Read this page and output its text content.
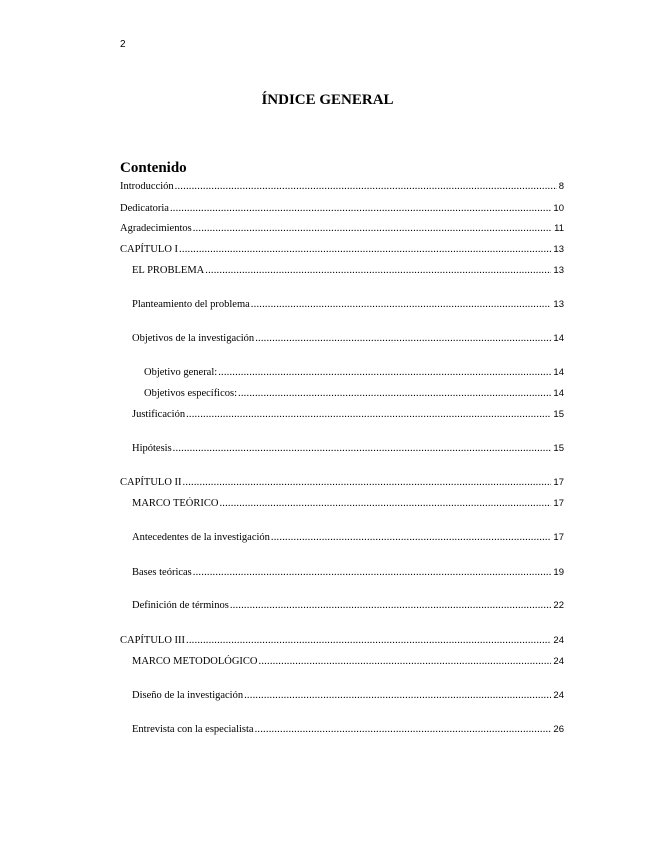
2
ÍNDICE GENERAL
Contenido
Introducción .....	8
Dedicatoria .....	10
Agradecimientos .....	11
CAPÍTULO I .....	13
EL PROBLEMA .....	13
Planteamiento del problema .....	13
Objetivos de la investigación .....	14
Objetivo general: .....	14
Objetivos específicos: .....	14
Justificación .....	15
Hipótesis .....	15
CAPÍTULO II .....	17
MARCO TEÓRICO .....	17
Antecedentes de la investigación .....	17
Bases teóricas .....	19
Definición de términos .....	22
CAPÍTULO III .....	24
MARCO METODOLÓGICO .....	24
Diseño de la investigación .....	24
Entrevista con la especialista .....	26
